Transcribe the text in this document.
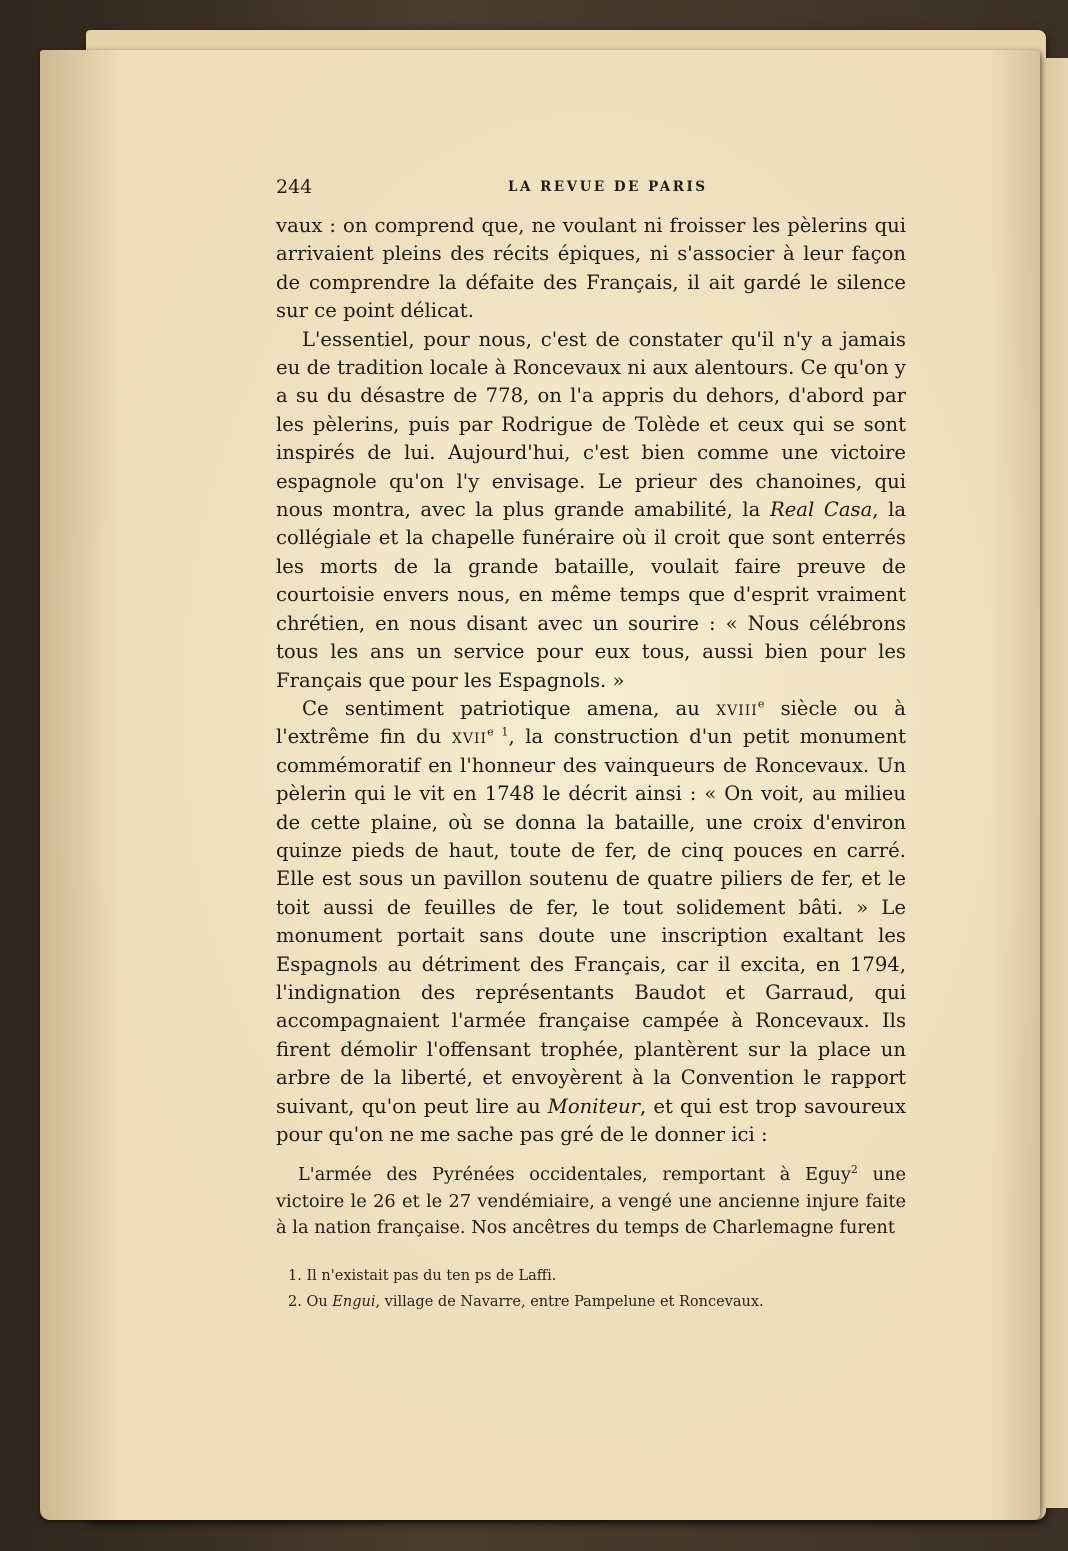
244	LA REVUE DE PARIS

vaux : on comprend que, ne voulant ni froisser les pèlerins qui arrivaient pleins des récits épiques, ni s'associer à leur façon de comprendre la défaite des Français, il ait gardé le silence sur ce point délicat.

L'essentiel, pour nous, c'est de constater qu'il n'y a jamais eu de tradition locale à Roncevaux ni aux alentours. Ce qu'on y a su du désastre de 778, on l'a appris du dehors, d'abord par les pèlerins, puis par Rodrigue de Tolède et ceux qui se sont inspirés de lui. Aujourd'hui, c'est bien comme une victoire espagnole qu'on l'y envisage. Le prieur des chanoines, qui nous montra, avec la plus grande amabilité, la Real Casa, la collégiale et la chapelle funéraire où il croit que sont enterrés les morts de la grande bataille, voulait faire preuve de courtoisie envers nous, en même temps que d'esprit vraiment chrétien, en nous disant avec un sourire : « Nous célébrons tous les ans un service pour eux tous, aussi bien pour les Français que pour les Espagnols. »

Ce sentiment patriotique amena, au xviii$^e$ siècle ou à l'extrême fin du xvii$^{e 1}$, la construction d'un petit monument commémoratif en l'honneur des vainqueurs de Roncevaux. Un pèlerin qui le vit en 1748 le décrit ainsi : « On voit, au milieu de cette plaine, où se donna la bataille, une croix d'environ quinze pieds de haut, toute de fer, de cinq pouces en carré. Elle est sous un pavillon soutenu de quatre piliers de fer, et le toit aussi de feuilles de fer, le tout solidement bâti. » Le monument portait sans doute une inscription exaltant les Espagnols au détriment des Français, car il excita, en 1794, l'indignation des représentants Baudot et Garraud, qui accompagnaient l'armée française campée à Roncevaux. Ils firent démolir l'offensant trophée, plantèrent sur la place un arbre de la liberté, et envoyèrent à la Convention le rapport suivant, qu'on peut lire au Moniteur, et qui est trop savoureux pour qu'on ne me sache pas gré de le donner ici :

L'armée des Pyrénées occidentales, remportant à Eguy$^2$ une victoire le 26 et le 27 vendémiaire, a vengé une ancienne injure faite à la nation française. Nos ancêtres du temps de Charlemagne furent

1. Il n'existait pas du ten ps de Laffi.

2. Ou Engui, village de Navarre, entre Pampelune et Roncevaux.
